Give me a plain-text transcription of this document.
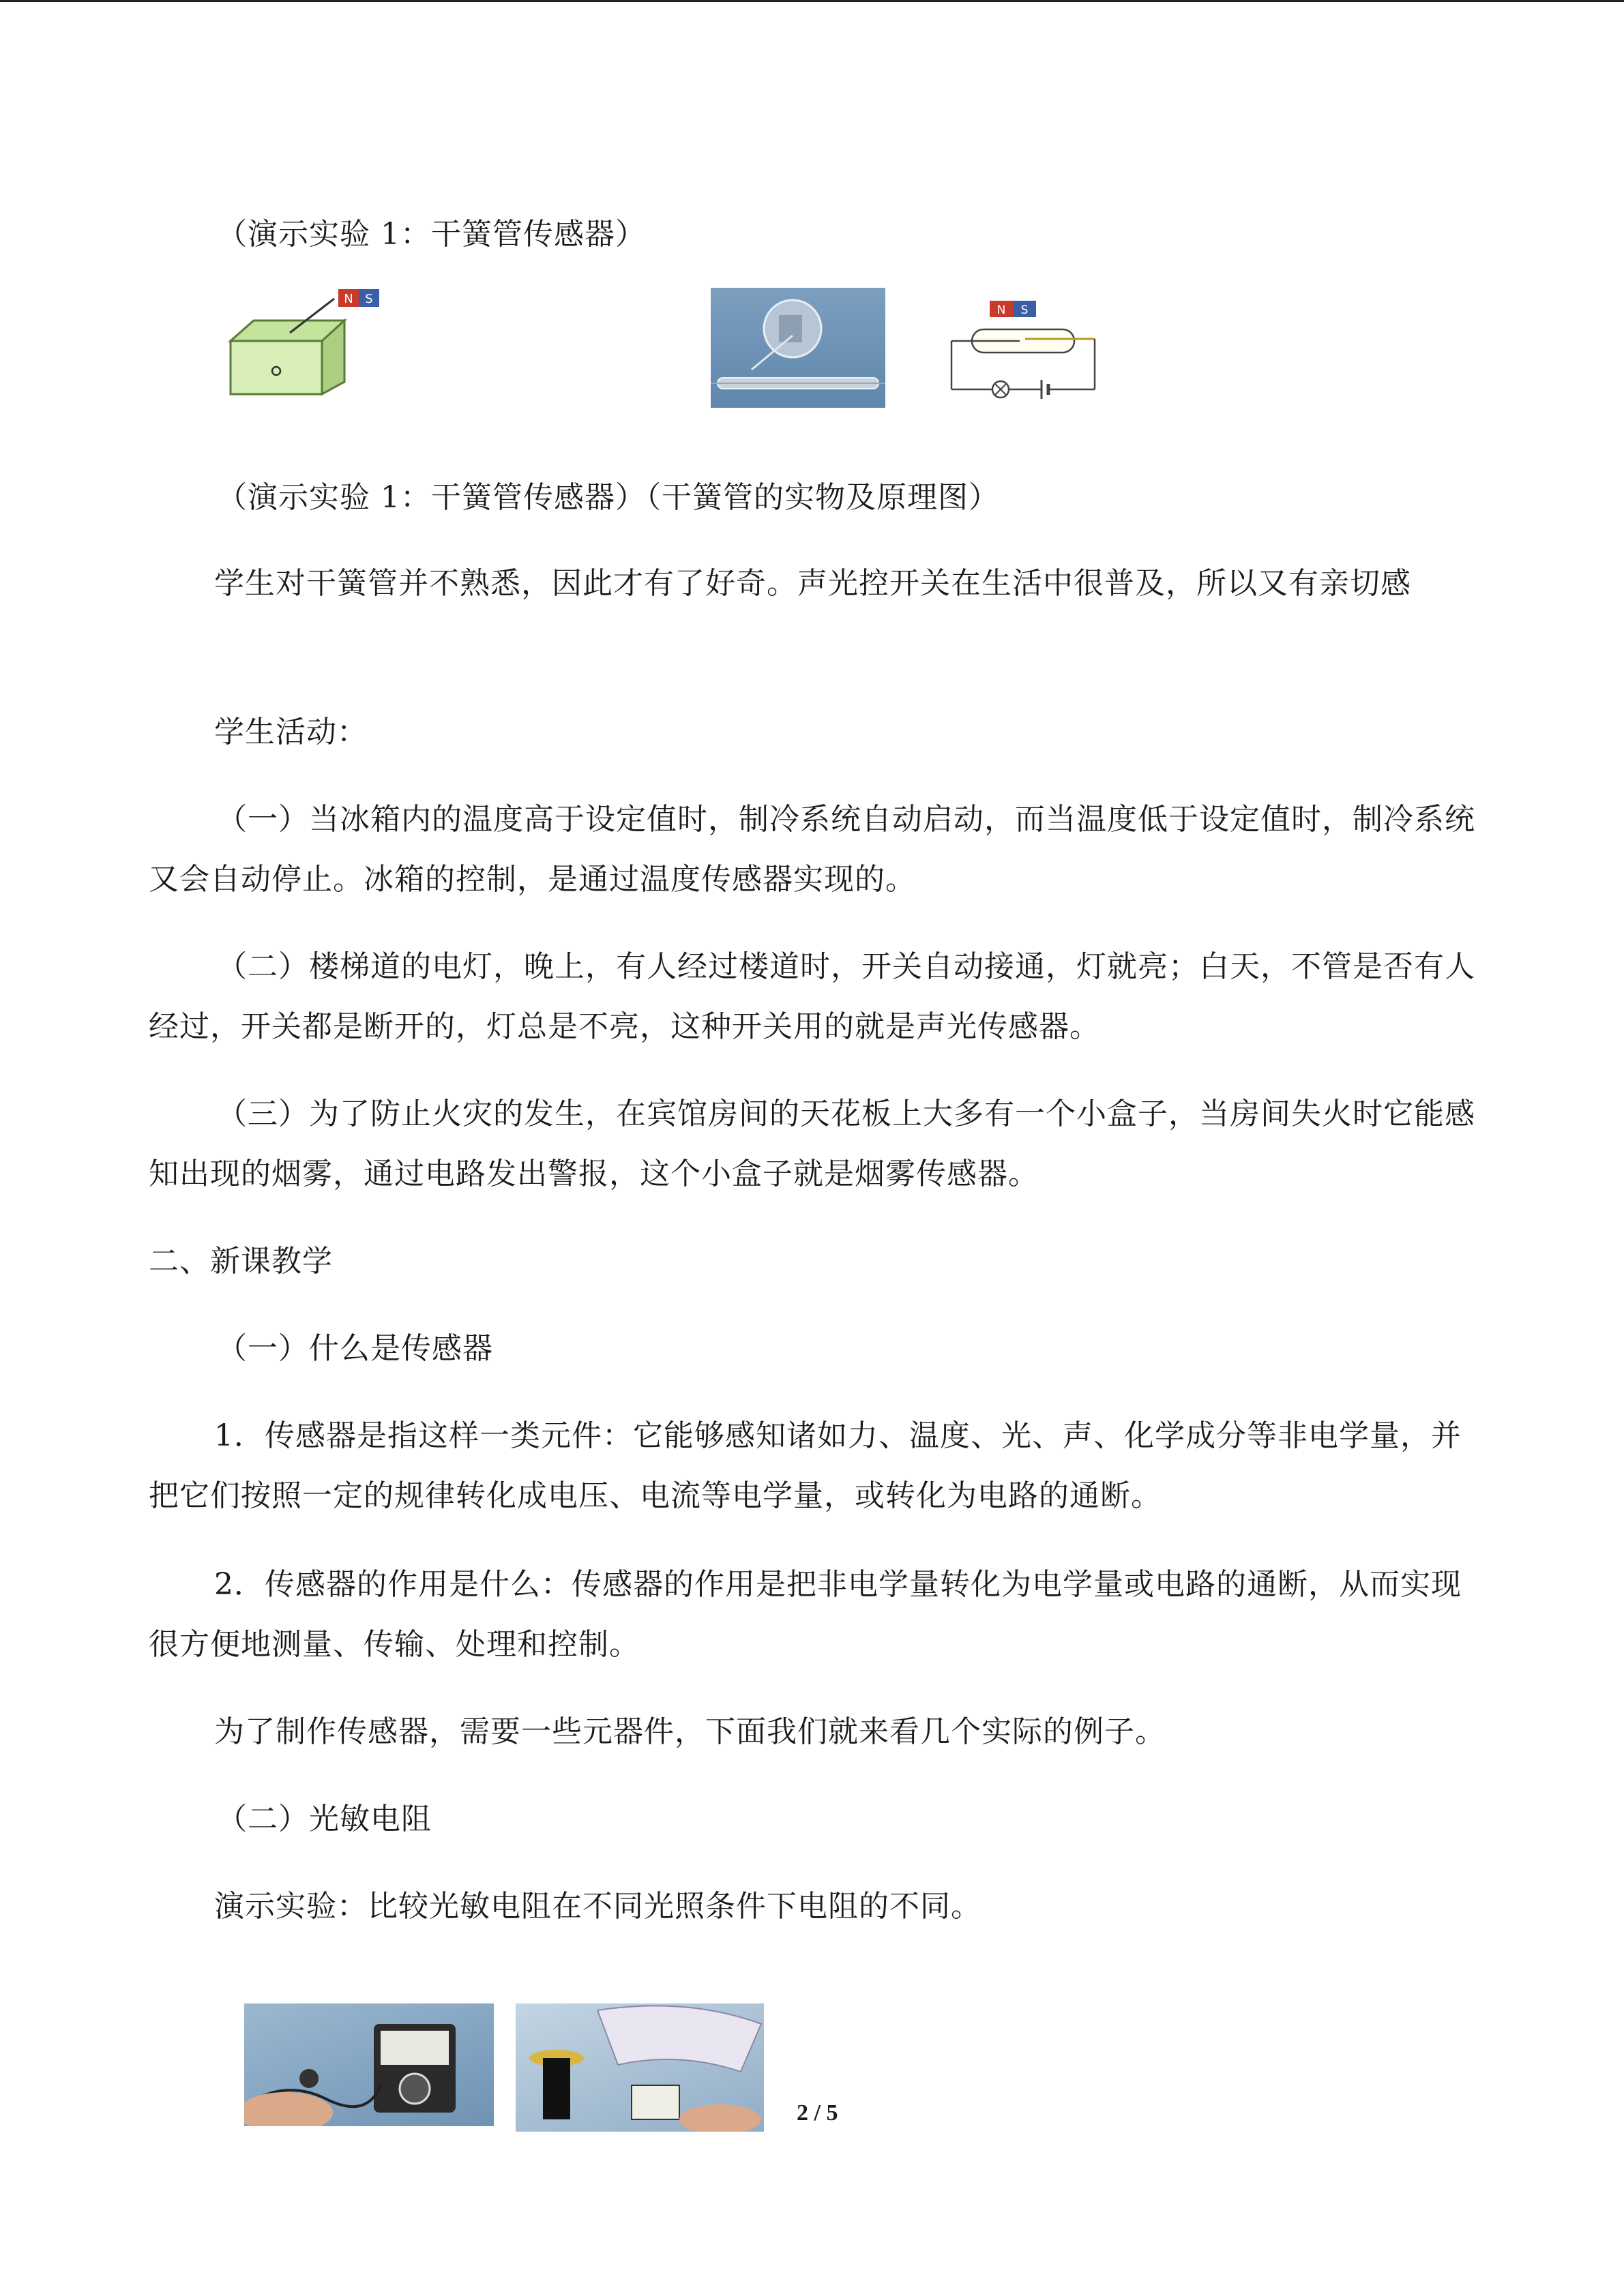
（演示实验 1：干簧管传感器）
N S
N S
（演示实验 1：干簧管传感器）（干簧管的实物及原理图）
学生对干簧管并不熟悉，因此才有了好奇。声光控开关在生活中很普及，所以又有亲切感
学生活动：
（一）当冰箱内的温度高于设定值时，制冷系统自动启动，而当温度低于设定值时，制冷系统又会自动停止。冰箱的控制，是通过温度传感器实现的。
（二）楼梯道的电灯，晚上，有人经过楼道时，开关自动接通，灯就亮；白天，不管是否有人经过，开关都是断开的，灯总是不亮，这种开关用的就是声光传感器。
（三）为了防止火灾的发生，在宾馆房间的天花板上大多有一个小盒子，当房间失火时它能感知出现的烟雾，通过电路发出警报，这个小盒子就是烟雾传感器。
二、新课教学
（一）什么是传感器
1．传感器是指这样一类元件：它能够感知诸如力、温度、光、声、化学成分等非电学量，并把它们按照一定的规律转化成电压、电流等电学量，或转化为电路的通断。
2．传感器的作用是什么：传感器的作用是把非电学量转化为电学量或电路的通断，从而实现很方便地测量、传输、处理和控制。
为了制作传感器，需要一些元器件，下面我们就来看几个实际的例子。
（二）光敏电阻
演示实验：比较光敏电阻在不同光照条件下电阻的不同。
2 / 5
